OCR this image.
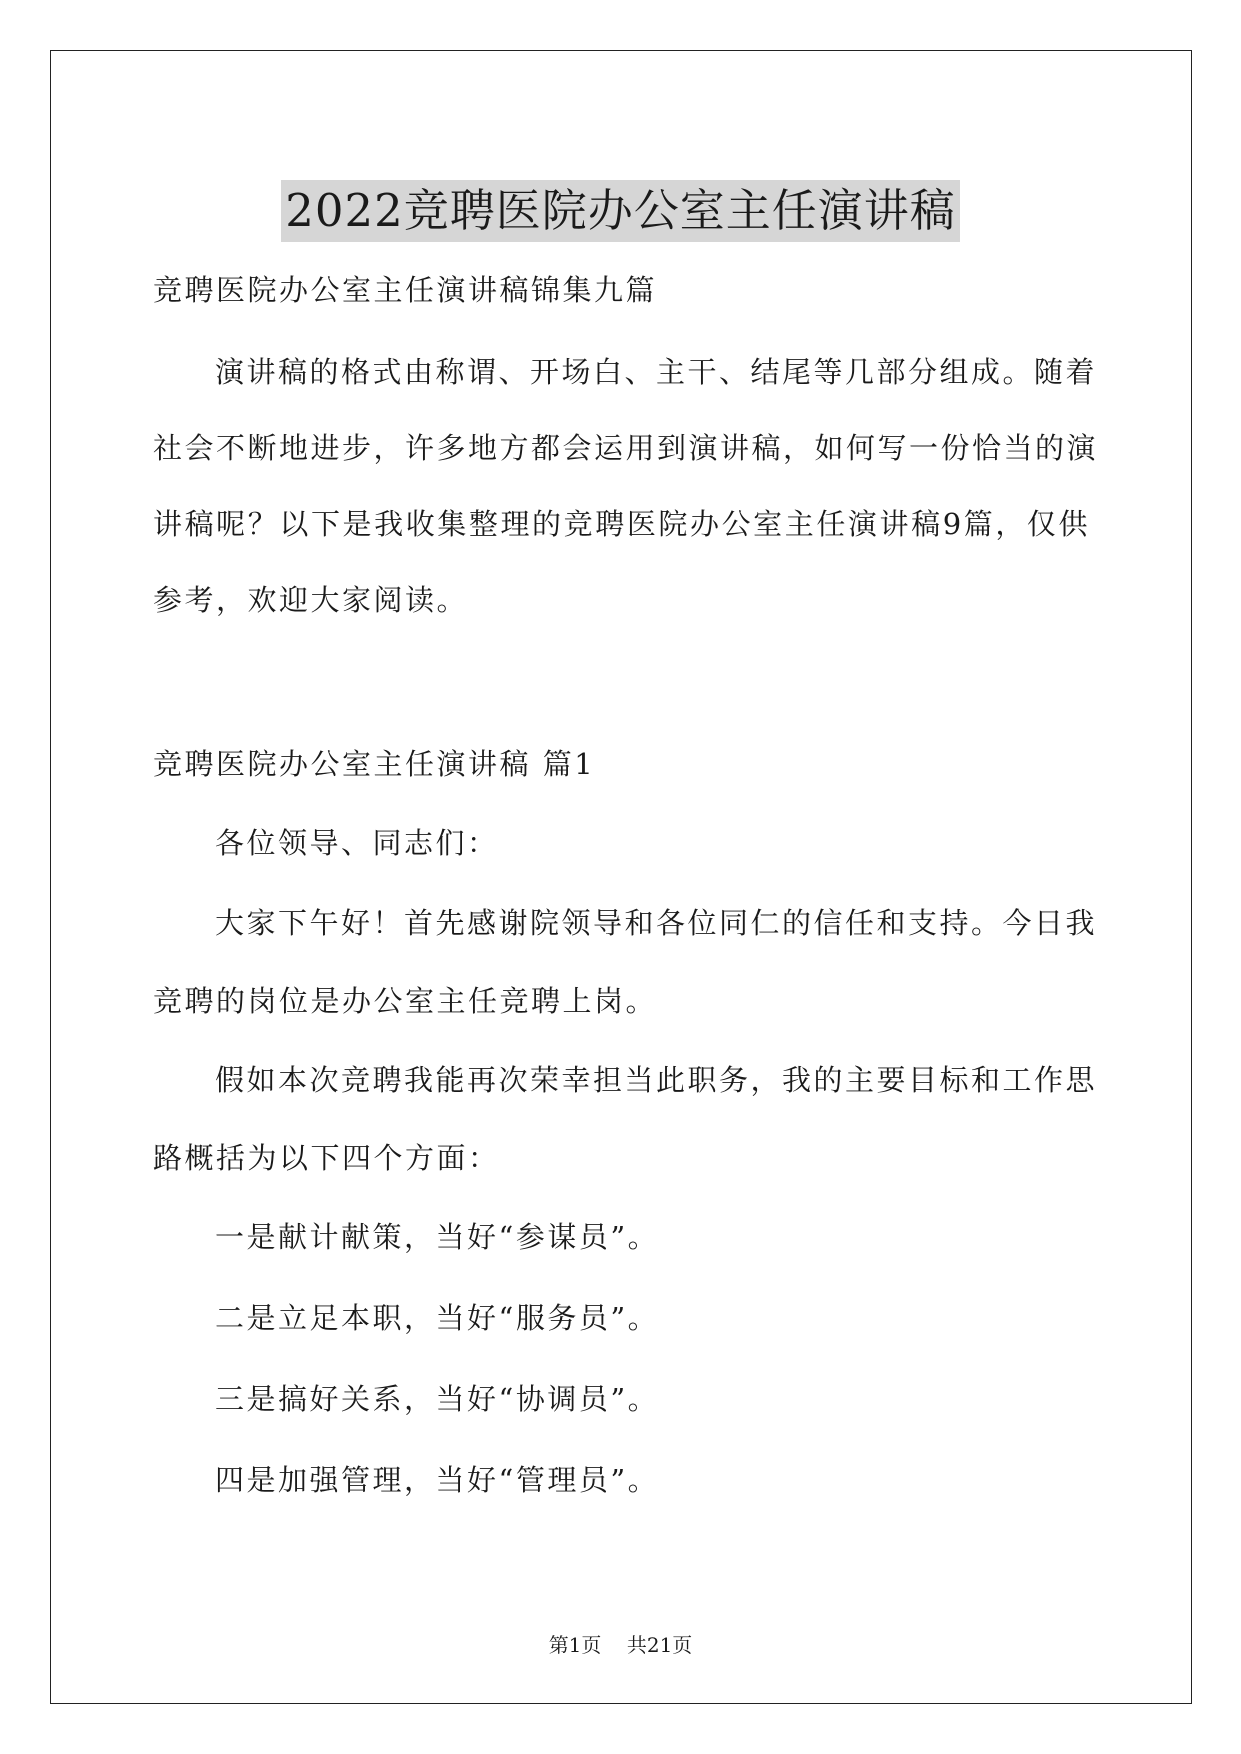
2022竞聘医院办公室主任演讲稿
竞聘医院办公室主任演讲稿锦集九篇
演讲稿的格式由称谓、开场白、主干、结尾等几部分组成。随着
社会不断地进步，许多地方都会运用到演讲稿，如何写一份恰当的演
讲稿呢？以下是我收集整理的竞聘医院办公室主任演讲稿9篇，仅供
参考，欢迎大家阅读。
竞聘医院办公室主任演讲稿 篇1
各位领导、同志们：
大家下午好！首先感谢院领导和各位同仁的信任和支持。今日我
竞聘的岗位是办公室主任竞聘上岗。
假如本次竞聘我能再次荣幸担当此职务，我的主要目标和工作思
路概括为以下四个方面：
一是献计献策，当好“参谋员”。
二是立足本职，当好“服务员”。
三是搞好关系，当好“协调员”。
四是加强管理，当好“管理员”。
第1页 共21页
